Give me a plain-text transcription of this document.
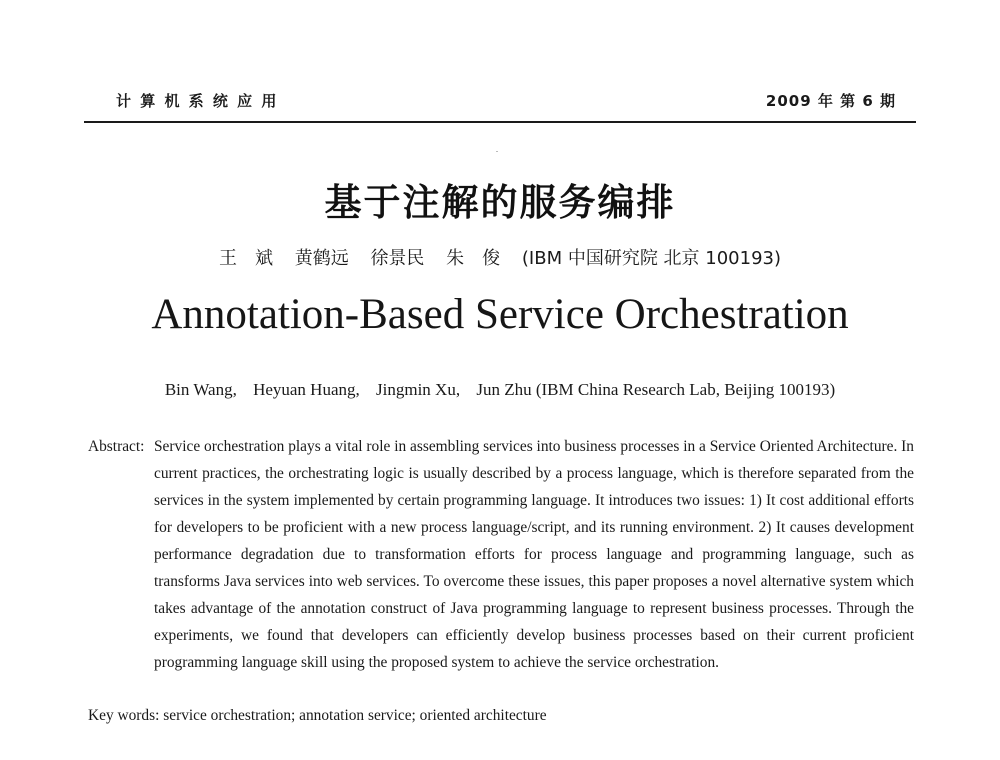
计 算 机 系 统 应 用	2009 年 第 6 期
基于注解的服务编排
王　斌 黄鹤远 徐景民 朱　俊 (IBM 中国研究院 北京 100193)
Annotation-Based Service Orchestration
Bin Wang, Heyuan Huang, Jingmin Xu, Jun Zhu (IBM China Research Lab, Beijing 100193)
Abstract: Service orchestration plays a vital role in assembling services into business processes in a Service Oriented Architecture. In current practices, the orchestrating logic is usually described by a process language, which is therefore separated from the services in the system implemented by certain programming language. It introduces two issues: 1) It cost additional efforts for developers to be proficient with a new process language/script, and its running environment. 2) It causes development performance degradation due to transformation efforts for process language and programming language, such as transforms Java services into web services. To overcome these issues, this paper proposes a novel alternative system which takes advantage of the annotation construct of Java programming language to represent business processes. Through the experiments, we found that developers can efficiently develop business processes based on their current proficient programming language skill using the proposed system to achieve the service orchestration.
Key words: service orchestration; annotation service; oriented architecture
